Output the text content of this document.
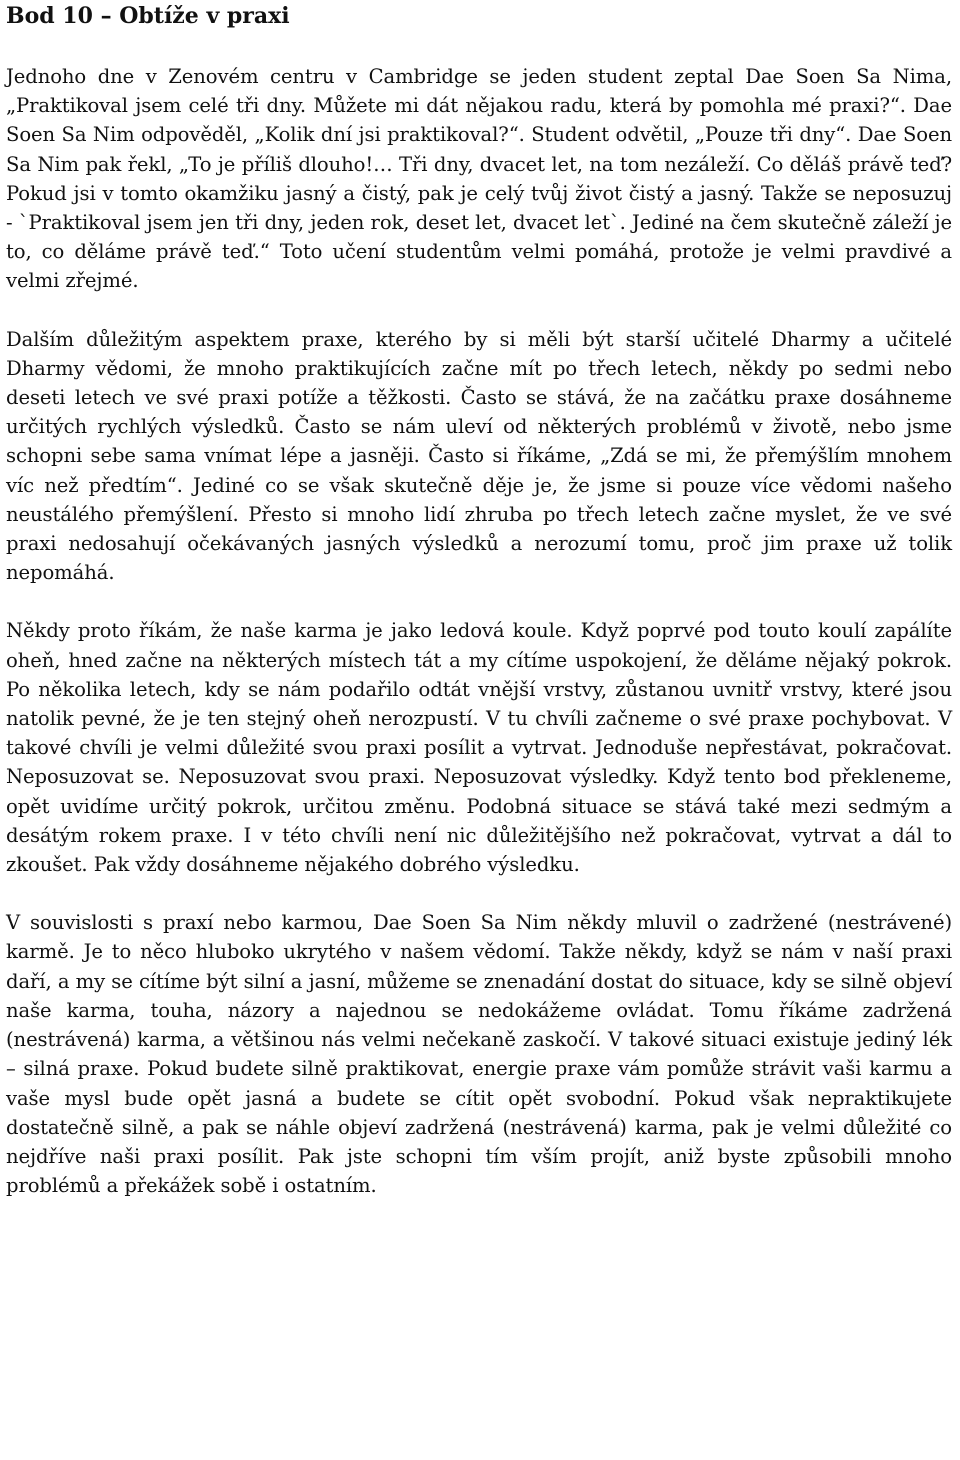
Bod 10 – Obtíže v praxi

Jednoho dne v Zenovém centru v Cambridge se jeden student zeptal Dae Soen Sa Nima, „Praktikoval jsem celé tři dny. Můžete mi dát nějakou radu, která by pomohla mé praxi?“. Dae Soen Sa Nim odpověděl, „Kolik dní jsi praktikoval?“. Student odvětil, „Pouze tři dny“. Dae Soen Sa Nim pak řekl, „To je příliš dlouho!… Tři dny, dvacet let, na tom nezáleží. Co děláš právě teď? Pokud jsi v tomto okamžiku jasný a čistý, pak je celý tvůj život čistý a jasný. Takže se neposuzuj - `Praktikoval jsem jen tři dny, jeden rok, deset let, dvacet let`. Jediné na čem skutečně záleží je to, co děláme právě teď.“ Toto učení studentům velmi pomáhá, protože je velmi pravdivé a velmi zřejmé.

Dalším důležitým aspektem praxe, kterého by si měli být starší učitelé Dharmy a učitelé Dharmy vědomi, že mnoho praktikujících začne mít po třech letech, někdy po sedmi nebo deseti letech ve své praxi potíže a těžkosti. Často se stává, že na začátku praxe dosáhneme určitých rychlých výsledků. Často se nám uleví od některých problémů v životě, nebo jsme schopni sebe sama vnímat lépe a jasněji. Často si říkáme, „Zdá se mi, že přemýšlím mnohem víc než předtím“. Jediné co se však skutečně děje je, že jsme si pouze více vědomi našeho neustálého přemýšlení. Přesto si mnoho lidí zhruba po třech letech začne myslet, že ve své praxi nedosahují očekávaných jasných výsledků a nerozumí tomu, proč jim praxe už tolik nepomáhá.

Někdy proto říkám, že naše karma je jako ledová koule. Když poprvé pod touto koulí zapálíte oheň, hned začne na některých místech tát a my cítíme uspokojení, že děláme nějaký pokrok. Po několika letech, kdy se nám podařilo odtát vnější vrstvy, zůstanou uvnitř vrstvy, které jsou natolik pevné, že je ten stejný oheň nerozpustí. V tu chvíli začneme o své praxe pochybovat. V takové chvíli je velmi důležité svou praxi posílit a vytrvat. Jednoduše nepřestávat, pokračovat. Neposuzovat se. Neposuzovat svou praxi. Neposuzovat výsledky. Když tento bod překleneme, opět uvidíme určitý pokrok, určitou změnu. Podobná situace se stává také mezi sedmým a desátým rokem praxe. I v této chvíli není nic důležitějšího než pokračovat, vytrvat a dál to zkoušet. Pak vždy dosáhneme nějakého dobrého výsledku.

V souvislosti s praxí nebo karmou, Dae Soen Sa Nim někdy mluvil o zadržené (nestrávené) karmě. Je to něco hluboko ukrytého v našem vědomí. Takže někdy, když se nám v naší praxi daří, a my se cítíme být silní a jasní, můžeme se znenadání dostat do situace, kdy se silně objeví naše karma, touha, názory a najednou se nedokážeme ovládat. Tomu říkáme zadržená (nestrávená) karma, a většinou nás velmi nečekaně zaskočí. V takové situaci existuje jediný lék – silná praxe. Pokud budete silně praktikovat, energie praxe vám pomůže strávit vaši karmu a vaše mysl bude opět jasná a budete se cítit opět svobodní. Pokud však nepraktikujete dostatečně silně, a pak se náhle objeví zadržená (nestrávená) karma, pak je velmi důležité co nejdříve naši praxi posílit. Pak jste schopni tím vším projít, aniž byste způsobili mnoho problémů a překážek sobě i ostatním.
